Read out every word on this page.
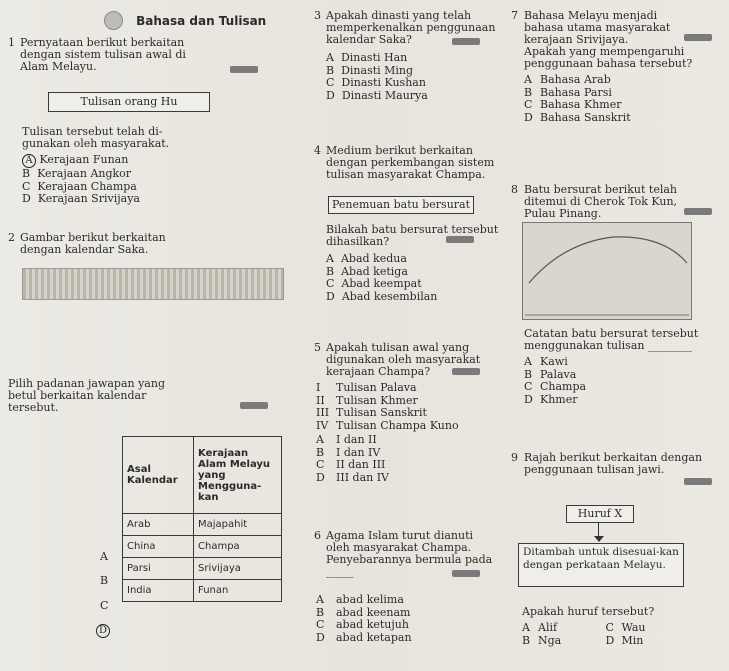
Bahasa dan Tulisan
1 Pernyataan berikut berkaitan
dengan sistem tulisan awal di
Alam Melayu.
Tulisan orang Hu
Tulisan tersebut telah di-
gunakan oleh masyarakat.
A Kerajaan Funan
B Kerajaan Angkor
C Kerajaan Champa
D Kerajaan Srivijaya
2 Gambar berikut berkaitan
dengan kalendar Saka.
Pilih padanan jawapan yang
betul berkaitan kalendar
tersebut.
Asal Kalendar	Kerajaan Alam Melayu yang Mengguna-kan
Arab	Majapahit
China	Champa
Parsi	Srivijaya
India	Funan
A
B
C
D
3 Apakah dinasti yang telah
memperkenalkan penggunaan
kalendar Saka?
A Dinasti Han
B Dinasti Ming
C Dinasti Kushan
D Dinasti Maurya
4 Medium berikut berkaitan
dengan perkembangan sistem
tulisan masyarakat Champa.
Penemuan batu bersurat
Bilakah batu bersurat tersebut
dihasilkan?
A Abad kedua
B Abad ketiga
C Abad keempat
D Abad kesembilan
5 Apakah tulisan awal yang
digunakan oleh masyarakat
kerajaan Champa?
I Tulisan Palava
II Tulisan Khmer
III Tulisan Sanskrit
IV Tulisan Champa Kuno
A I dan II
B I dan IV
C II dan III
D III dan IV
6 Agama Islam turut dianuti
oleh masyarakat Champa.
Penyebarannya bermula pada
_____
A abad kelima
B abad keenam
C abad ketujuh
D abad ketapan
7 Bahasa Melayu menjadi
bahasa utama masyarakat
kerajaan Srivijaya.
Apakah yang mempengaruhi
penggunaan bahasa tersebut?
A Bahasa Arab
B Bahasa Parsi
C Bahasa Khmer
D Bahasa Sanskrit
8 Batu bersurat berikut telah
ditemui di Cherok Tok Kun,
Pulau Pinang.
Catatan batu bersurat tersebut
menggunakan tulisan ________
A Kawi
B Palava
C Champa
D Khmer
9 Rajah berikut berkaitan dengan
penggunaan tulisan jawi.
Huruf X
Ditambah untuk disesuai-kan dengan perkataan Melayu.
Apakah huruf tersebut?
A Alif	C Wau
B Nga	D Min
